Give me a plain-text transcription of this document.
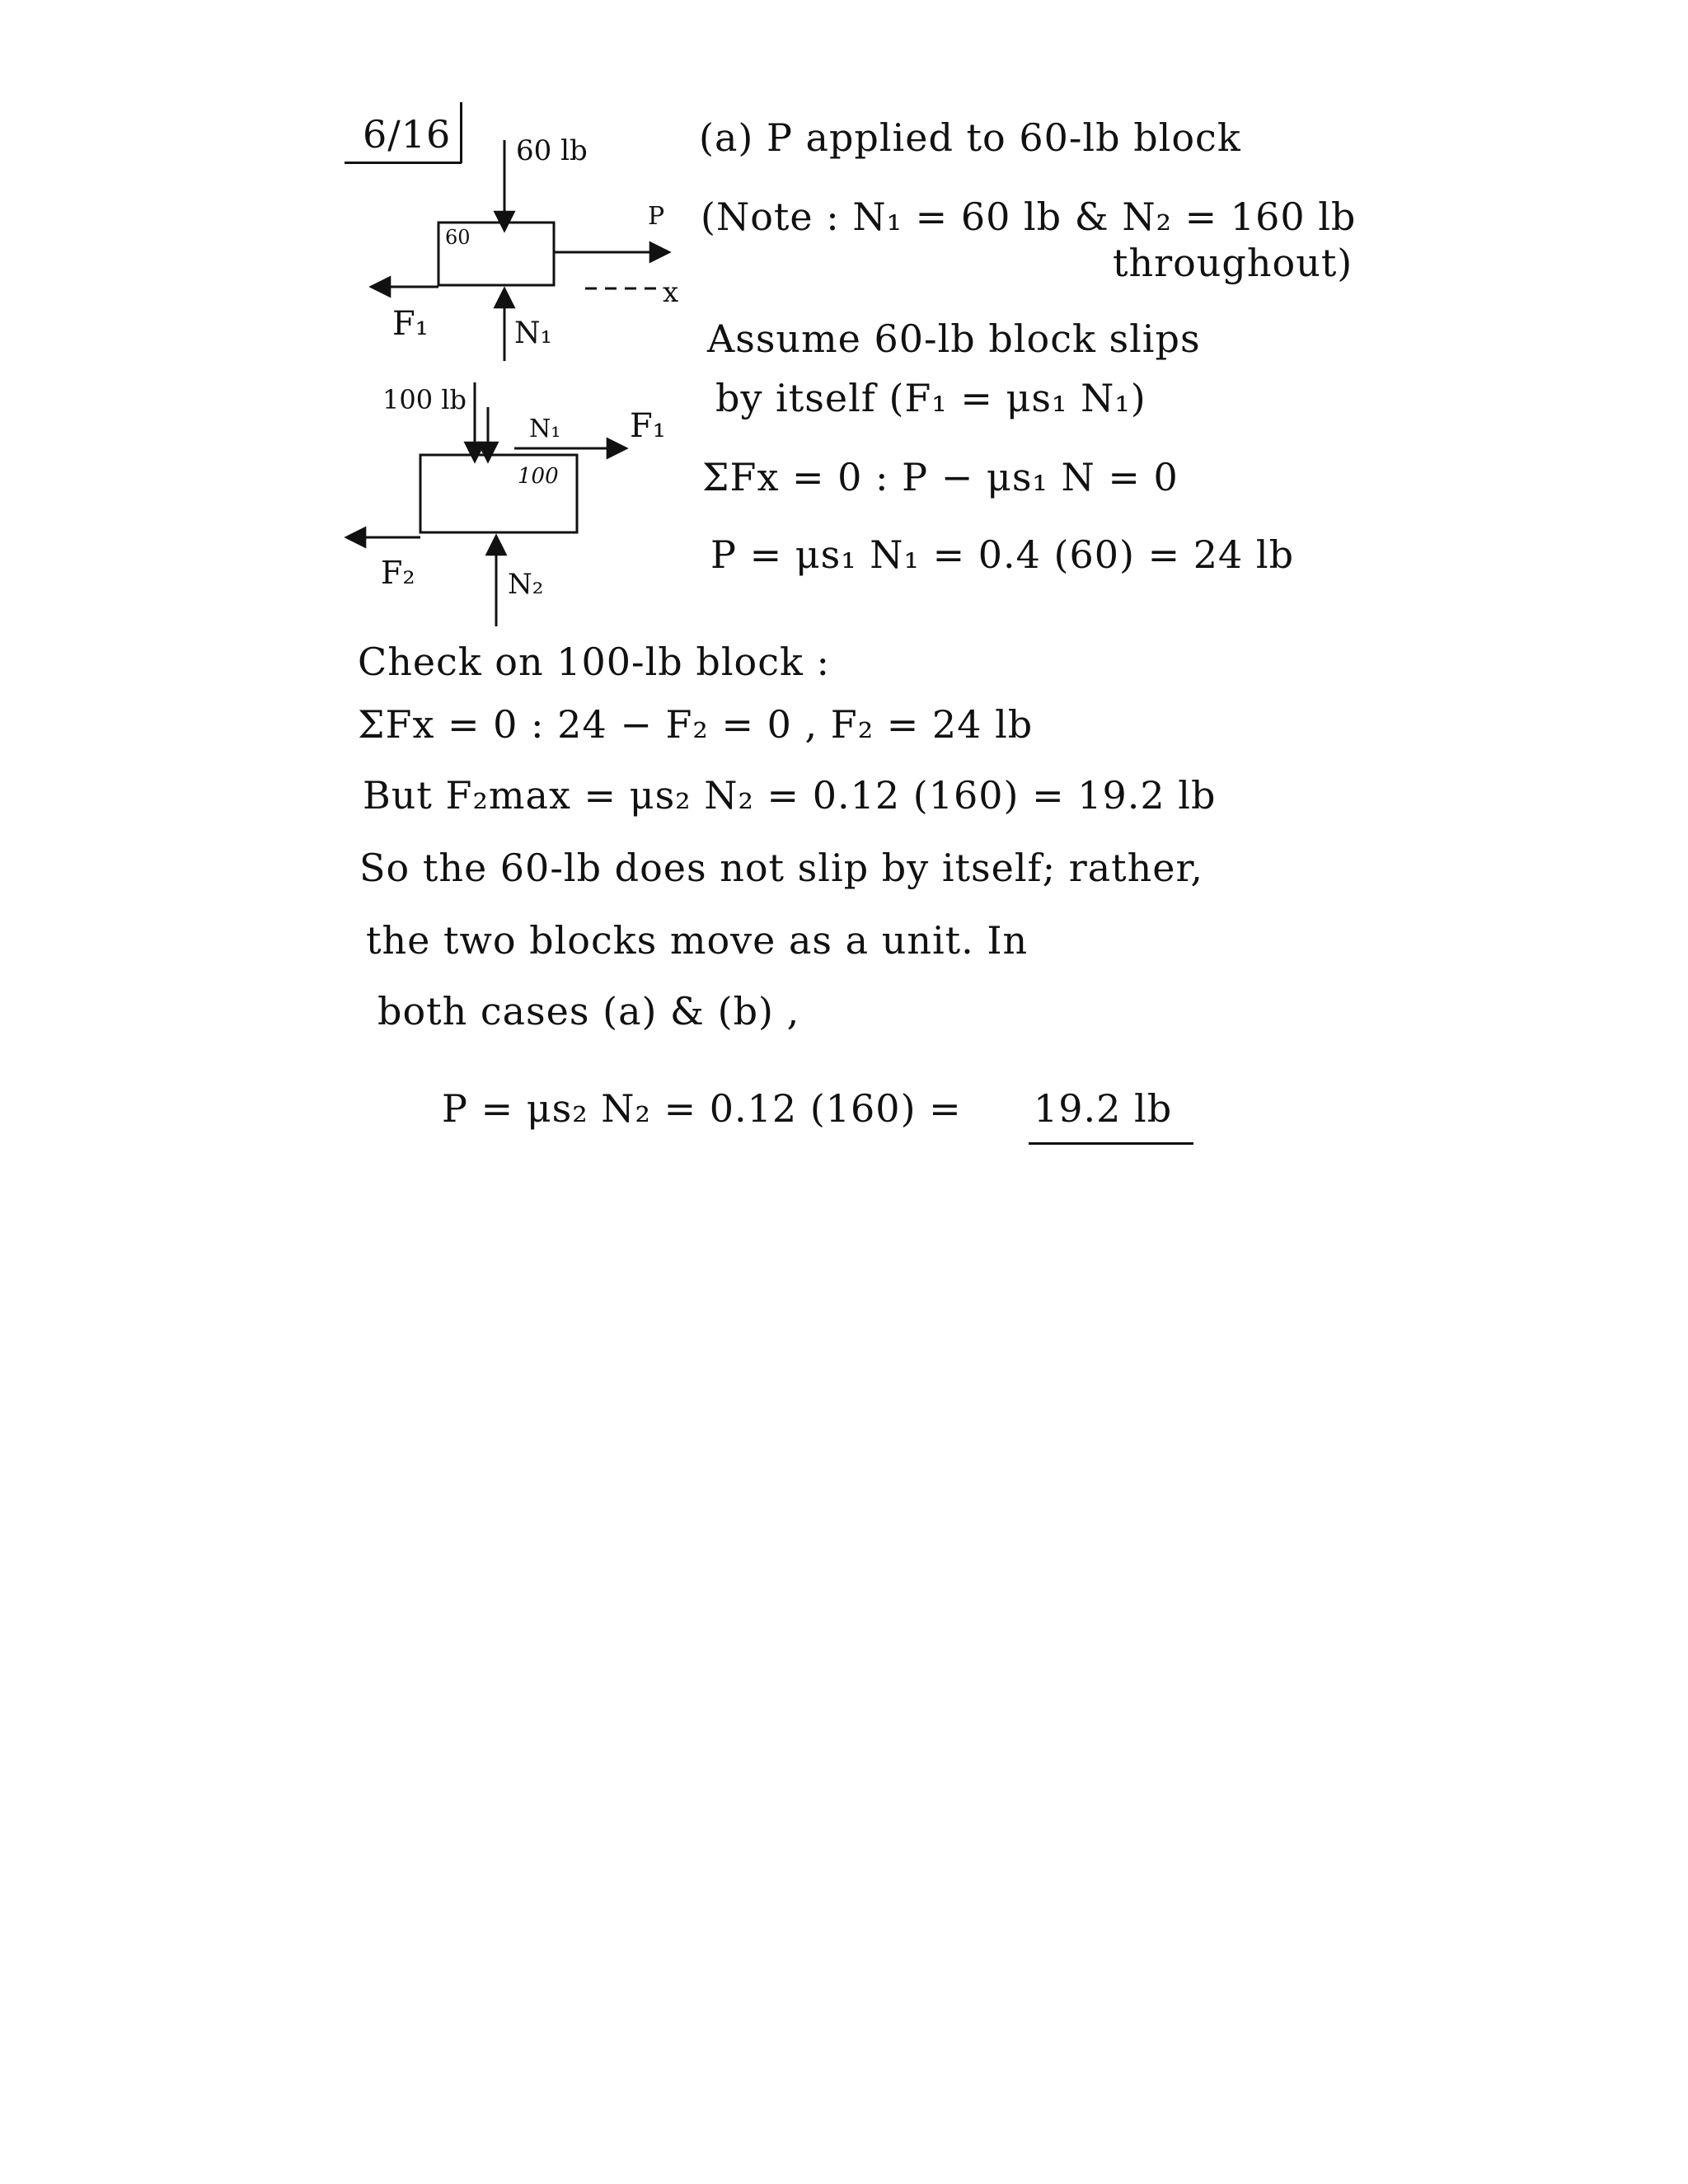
6/16 60 lb
60
P
x
F₁	N₁
100 lb
N₁ F₁
100
F₂	N₂
(a) P applied to 60-lb block
(Note : N₁ = 60 lb & N₂ = 160 lb
throughout)
Assume 60-lb block slips
by itself (F₁ = μs₁ N₁)
ΣFx = 0 : P − μs₁ N = 0
P = μs₁ N₁ = 0.4 (60) = 24 lb
Check on 100-lb block :
ΣFx = 0 : 24 − F₂ = 0 , F₂ = 24 lb
But F₂max = μs₂ N₂ = 0.12 (160) = 19.2 lb
So the 60-lb does not slip by itself; rather,
the two blocks move as a unit. In
both cases (a) & (b) ,
P = μs₂ N₂ = 0.12 (160) = 19.2 lb
